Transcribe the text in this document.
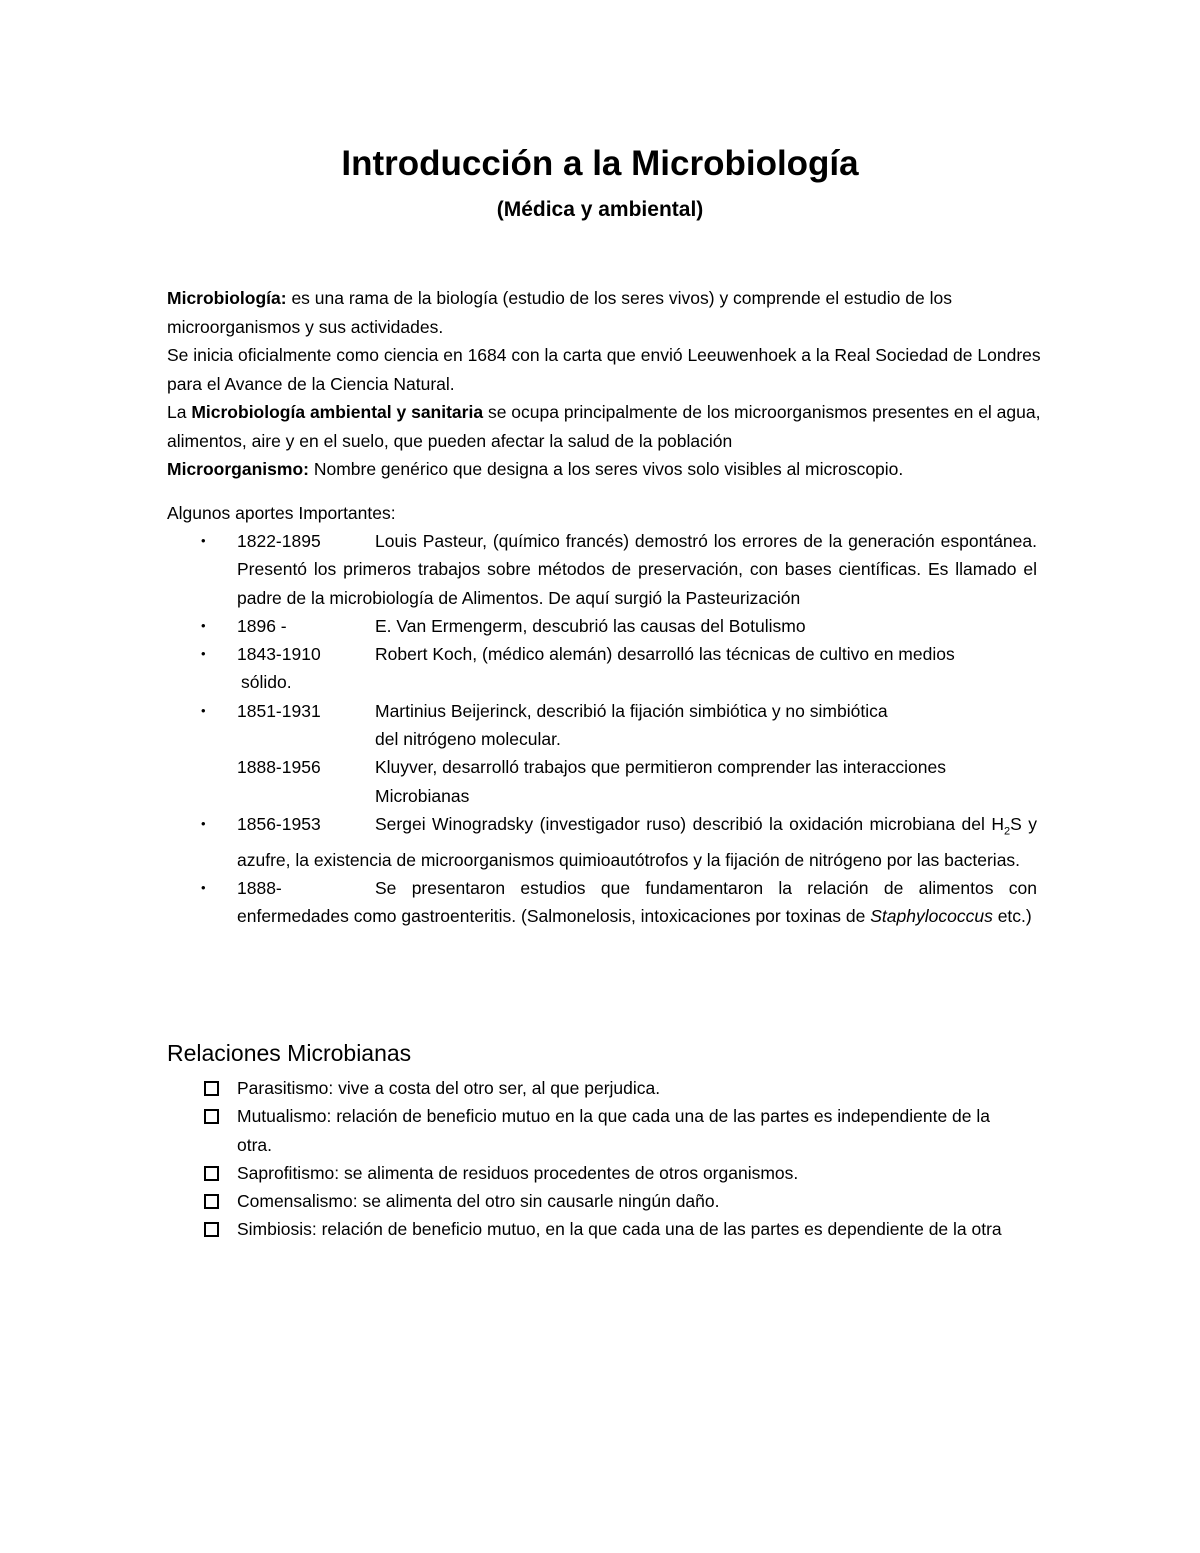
Introducción a la Microbiología
(Médica y ambiental)

Microbiología: es una rama de la biología (estudio de los seres vivos) y comprende el estudio de los microorganismos y sus actividades.

Se inicia oficialmente como ciencia en 1684 con la carta que envió Leeuwenhoek a la Real Sociedad de Londres para el Avance de la Ciencia Natural.

La Microbiología ambiental y sanitaria se ocupa principalmente de los microorganismos presentes en el agua, alimentos, aire y en el suelo, que pueden afectar la salud de la población

Microorganismo: Nombre genérico que designa a los seres vivos solo visibles al microscopio.

Algunos aportes Importantes:

• 1822-1895	Louis Pasteur, (químico francés) demostró los errores de la generación espontánea. Presentó los primeros trabajos sobre métodos de preservación, con bases científicas. Es llamado el padre de la microbiología de Alimentos. De aquí surgió la Pasteurización
• 1896 -	E. Van Ermengerm, descubrió las causas del Botulismo
• 1843-1910	Robert Koch, (médico alemán) desarrolló las técnicas de cultivo en medios
sólido.
• 1851-1931	Martinius Beijerinck, describió la fijación simbiótica y no simbiótica
del nitrógeno molecular.
1888-1956	Kluyver, desarrolló trabajos que permitieron comprender las interacciones
Microbianas
• 1856-1953	Sergei Winogradsky (investigador ruso) describió la oxidación microbiana del $H_2S$ y azufre, la existencia de microorganismos quimioautótrofos y la fijación de nitrógeno por las bacterias.
• 1888-	Se presentaron estudios que fundamentaron la relación de alimentos con enfermedades como gastroenteritis. (Salmonelosis, intoxicaciones por toxinas de Staphylococcus etc.)
Relaciones Microbianas
Parasitismo: vive a costa del otro ser, al que perjudica.
Mutualismo: relación de beneficio mutuo en la que cada una de las partes es independiente de la otra.
Saprofitismo: se alimenta de residuos procedentes de otros organismos.
Comensalismo: se alimenta del otro sin causarle ningún daño.
Simbiosis: relación de beneficio mutuo, en la que cada una de las partes es dependiente de la otra
